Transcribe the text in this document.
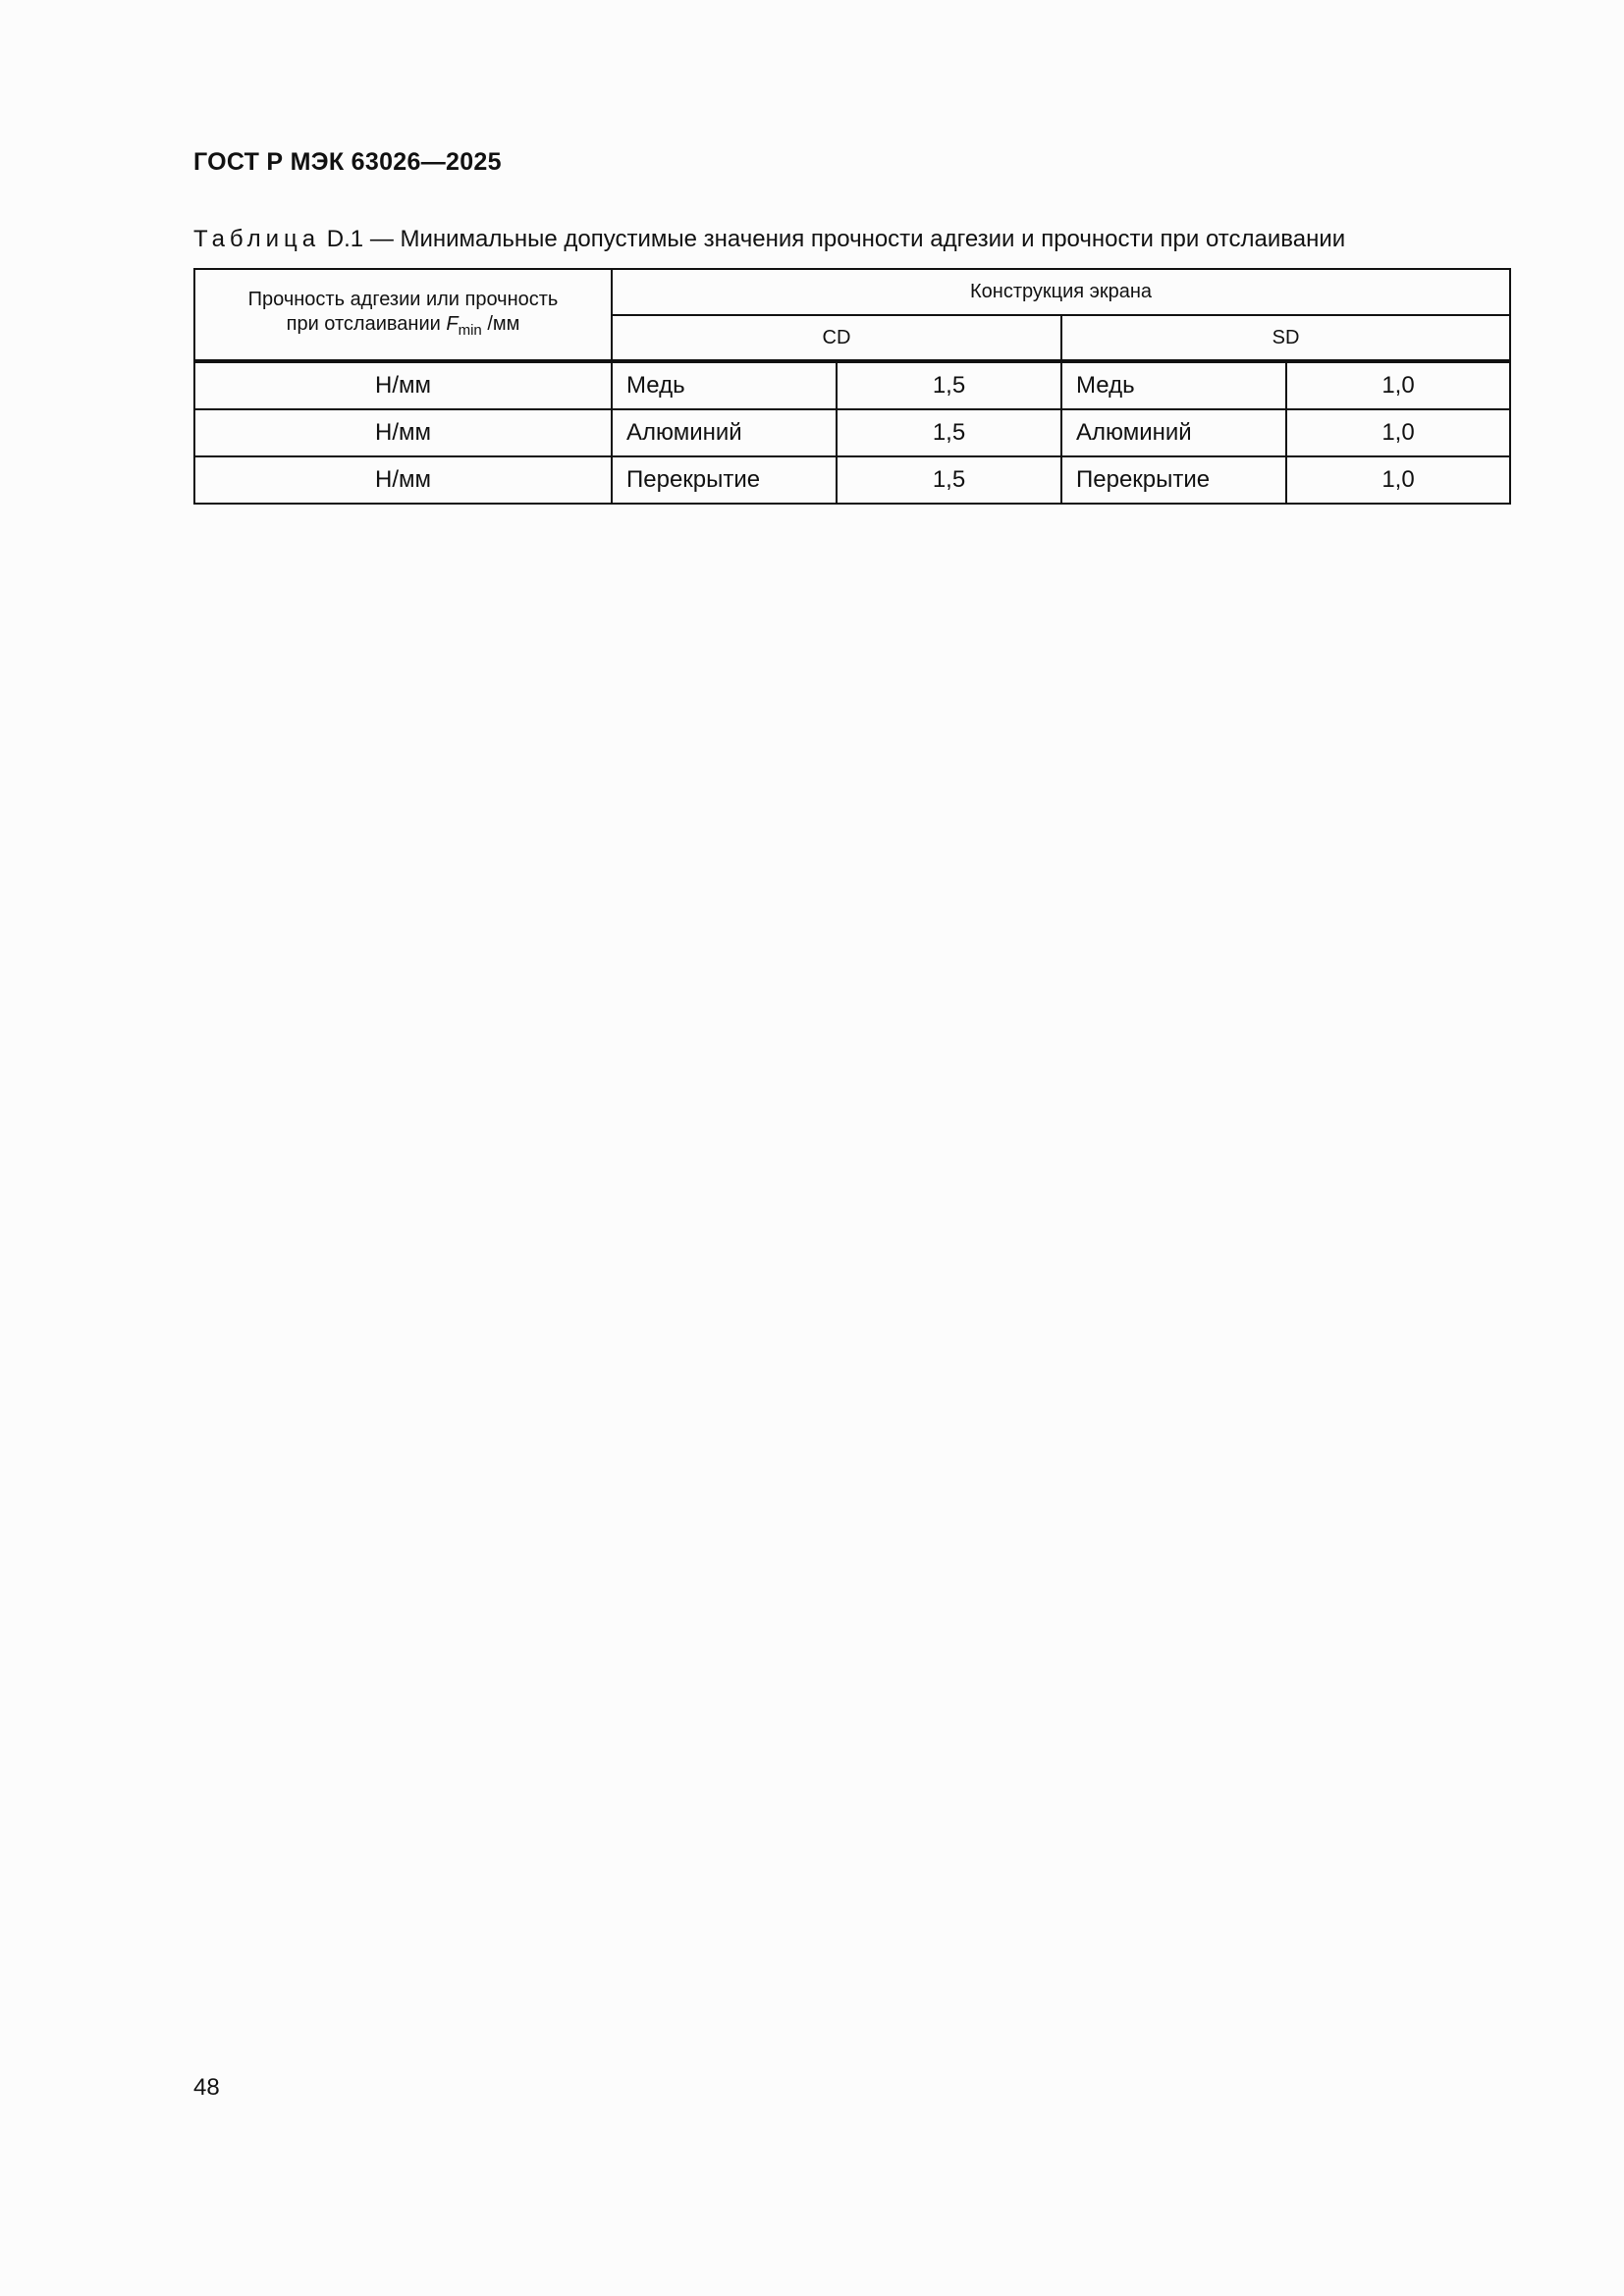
ГОСТ Р МЭК 63026—2025
Таблица D.1 — Минимальные допустимые значения прочности адгезии и прочности при отслаивании
Прочность адгезии или прочность
при отслаивании $F_{min}$ /мм	Конструкция экрана			
	CD		SD	

Н/мм	Медь	1,5	Медь	1,0
Н/мм	Алюминий	1,5	Алюминий	1,0
Н/мм	Перекрытие	1,5	Перекрытие	1,0
48
